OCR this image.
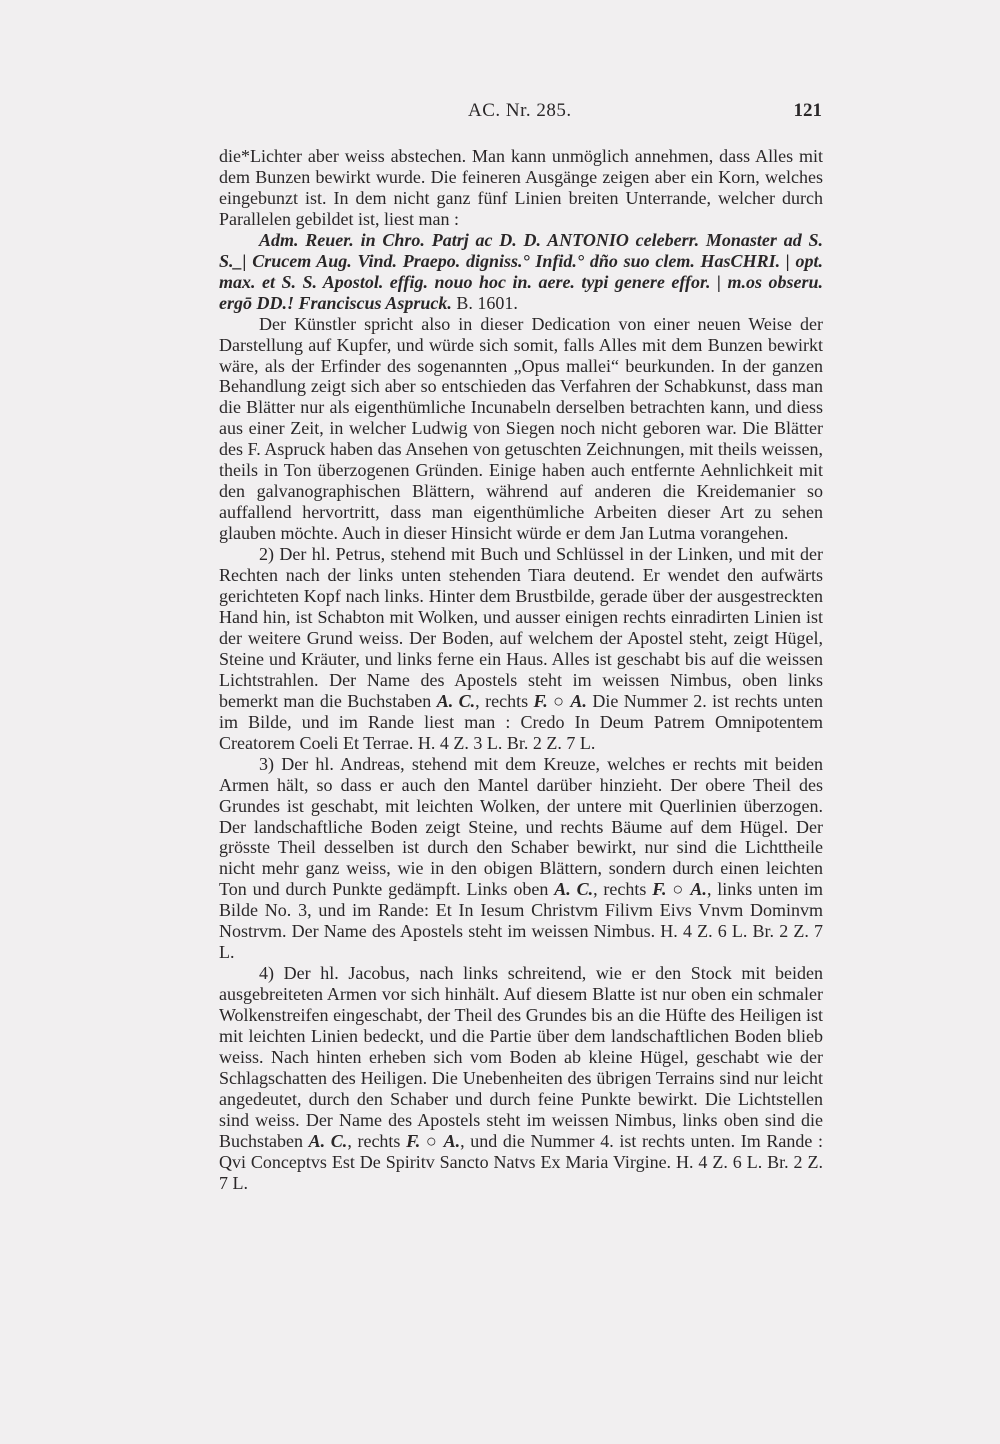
AC. Nr. 285.	121

die*Lichter aber weiss abstechen. Man kann unmöglich annehmen, dass Alles mit dem Bunzen bewirkt wurde. Die feineren Ausgänge zeigen aber ein Korn, welches eingebunzt ist. In dem nicht ganz fünf Linien breiten Unterrande, welcher durch Parallelen gebildet ist, liest man :

Adm. Reuer. in Chro. Patrj ac D. D. ANTONIO celeberr. Monaster ad S. S._| Crucem Aug. Vind. Praepo. digniss.° Infid.° dño suo clem. HasCHRI. | opt. max. et S. S. Apostol. effig. nouo hoc in. aere. typi genere effor. | m.os obseru. ergō DD.! Franciscus Aspruck. B. 1601.

Der Künstler spricht also in dieser Dedication von einer neuen Weise der Darstellung auf Kupfer, und würde sich somit, falls Alles mit dem Bunzen bewirkt wäre, als der Erfinder des sogenannten „Opus mallei“ beurkunden. In der ganzen Behandlung zeigt sich aber so entschieden das Verfahren der Schabkunst, dass man die Blätter nur als eigenthümliche Incunabeln derselben betrachten kann, und diess aus einer Zeit, in welcher Ludwig von Siegen noch nicht geboren war. Die Blätter des F. Aspruck haben das Ansehen von getuschten Zeichnungen, mit theils weissen, theils in Ton überzogenen Gründen. Einige haben auch entfernte Aehnlichkeit mit den galvanographischen Blättern, während auf anderen die Kreidemanier so auffallend hervortritt, dass man eigenthümliche Arbeiten dieser Art zu sehen glauben möchte. Auch in dieser Hinsicht würde er dem Jan Lutma vorangehen.

2) Der hl. Petrus, stehend mit Buch und Schlüssel in der Linken, und mit der Rechten nach der links unten stehenden Tiara deutend. Er wendet den aufwärts gerichteten Kopf nach links. Hinter dem Brustbilde, gerade über der ausgestreckten Hand hin, ist Schabton mit Wolken, und ausser einigen rechts einradirten Linien ist der weitere Grund weiss. Der Boden, auf welchem der Apostel steht, zeigt Hügel, Steine und Kräuter, und links ferne ein Haus. Alles ist geschabt bis auf die weissen Lichtstrahlen. Der Name des Apostels steht im weissen Nimbus, oben links bemerkt man die Buchstaben A. C., rechts F. ○ A. Die Nummer 2. ist rechts unten im Bilde, und im Rande liest man : Credo In Deum Patrem Omnipotentem Creatorem Coeli Et Terrae. H. 4 Z. 3 L. Br. 2 Z. 7 L.

3) Der hl. Andreas, stehend mit dem Kreuze, welches er rechts mit beiden Armen hält, so dass er auch den Mantel darüber hinzieht. Der obere Theil des Grundes ist geschabt, mit leichten Wolken, der untere mit Querlinien überzogen. Der landschaftliche Boden zeigt Steine, und rechts Bäume auf dem Hügel. Der grösste Theil desselben ist durch den Schaber bewirkt, nur sind die Lichttheile nicht mehr ganz weiss, wie in den obigen Blättern, sondern durch einen leichten Ton und durch Punkte gedämpft. Links oben A. C., rechts F. ○ A., links unten im Bilde No. 3, und im Rande: Et In Iesum Christvm Filivm Eivs Vnvm Dominvm Nostrvm. Der Name des Apostels steht im weissen Nimbus. H. 4 Z. 6 L. Br. 2 Z. 7 L.

4) Der hl. Jacobus, nach links schreitend, wie er den Stock mit beiden ausgebreiteten Armen vor sich hinhält. Auf diesem Blatte ist nur oben ein schmaler Wolkenstreifen eingeschabt, der Theil des Grundes bis an die Hüfte des Heiligen ist mit leichten Linien bedeckt, und die Partie über dem landschaftlichen Boden blieb weiss. Nach hinten erheben sich vom Boden ab kleine Hügel, geschabt wie der Schlagschatten des Heiligen. Die Unebenheiten des übrigen Terrains sind nur leicht angedeutet, durch den Schaber und durch feine Punkte bewirkt. Die Lichtstellen sind weiss. Der Name des Apostels steht im weissen Nimbus, links oben sind die Buchstaben A. C., rechts F. ○ A., und die Nummer 4. ist rechts unten. Im Rande : Qvi Conceptvs Est De Spiritv Sancto Natvs Ex Maria Virgine. H. 4 Z. 6 L. Br. 2 Z. 7 L.
